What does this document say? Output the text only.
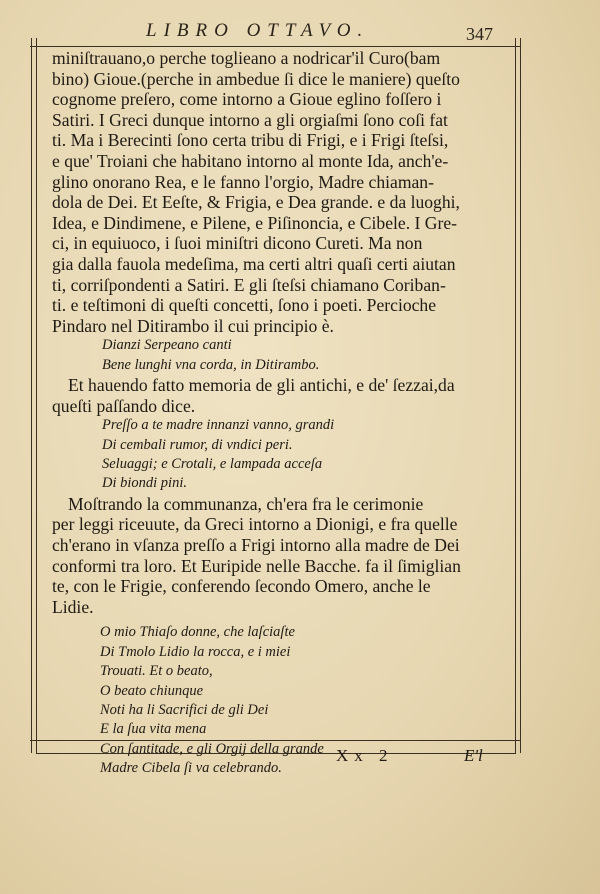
LIBRO OTTAVO.	347
miniſtrauano,o perche toglieano a nodricar'il Curo(bam
bino) Gioue.(perche in ambedue ſi dice le maniere) queſto
cognome preſero, come intorno a Gioue eglino foſſero i
Satiri. I Greci dunque intorno a gli orgiaſmi ſono coſi fat
ti. Ma i Berecinti ſono certa tribu di Frigi, e i Frigi ſteſsi,
e que' Troiani che habitano intorno al monte Ida, anch'e-
glino onorano Rea, e le fanno l'orgio, Madre chiaman-
dola de Dei. Et Eeſte, & Frigia, e Dea grande. e da luoghi,
Idea, e Dindimene, e Pilene, e Piſinoncia, e Cibele. I Gre-
ci, in equiuoco, i ſuoi miniſtri dicono Cureti. Ma non
gia dalla fauola medeſima, ma certi altri quaſi certi aiutan
ti, corriſpondenti a Satiri. E gli ſteſsi chiamano Coriban-
ti. e teſtimoni di queſti concetti, ſono i poeti. Percioche
Pindaro nel Ditirambo il cui principio è.
Dianzi Serpeano canti
Bene lunghi vna corda, in Ditirambo.
Et hauendo fatto memoria de gli antichi, e de' ſezzai,da
queſti paſſando dice.
Preſſo a te madre innanzi vanno, grandi
Di cembali rumor, di vndici peri.
Seluaggi; e Crotali, e lampada acceſa
Di biondi pini.
Moſtrando la communanza, ch'era fra le cerimonie
per leggi riceuute, da Greci intorno a Dionigi, e fra quelle
ch'erano in vſanza preſſo a Frigi intorno alla madre de Dei
conformi tra loro. Et Euripide nelle Bacche. fa il ſimiglian
te, con le Frigie, conferendo ſecondo Omero, anche le
Lidie.
O mio Thiaſo donne, che laſciaſte
Di Tmolo Lidio la rocca, e i miei
Trouati. Et o beato,
O beato chiunque
Noti ha li Sacrifici de gli Dei
E la ſua vita mena
Con ſantitade, e gli Orgij della grande
Madre Cibela ſi va celebrando.
Xx 2	E'l
